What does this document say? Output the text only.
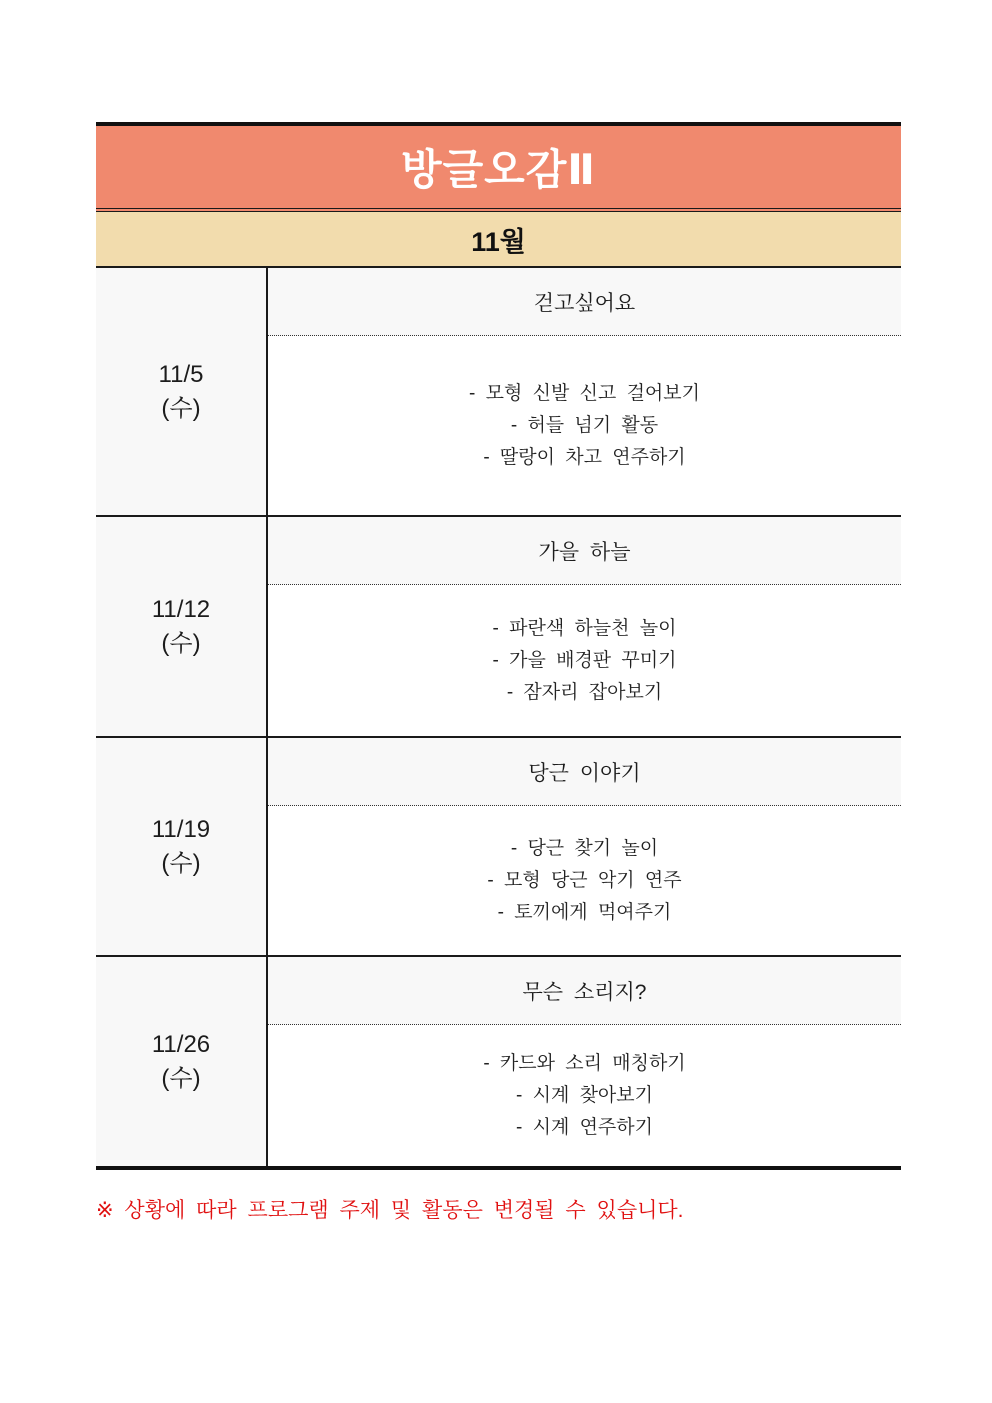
방글오감Ⅱ
11월
11/5
(수)
걷고싶어요
- 모형 신발 신고 걸어보기
- 허들 넘기 활동
- 딸랑이 차고 연주하기
11/12
(수)
가을 하늘
- 파란색 하늘천 놀이
- 가을 배경판 꾸미기
- 잠자리 잡아보기
11/19
(수)
당근 이야기
- 당근 찾기 놀이
- 모형 당근 악기 연주
- 토끼에게 먹여주기
11/26
(수)
무슨 소리지?
- 카드와 소리 매칭하기
- 시계 찾아보기
- 시계 연주하기
※ 상황에 따라 프로그램 주제 및 활동은 변경될 수 있습니다.
